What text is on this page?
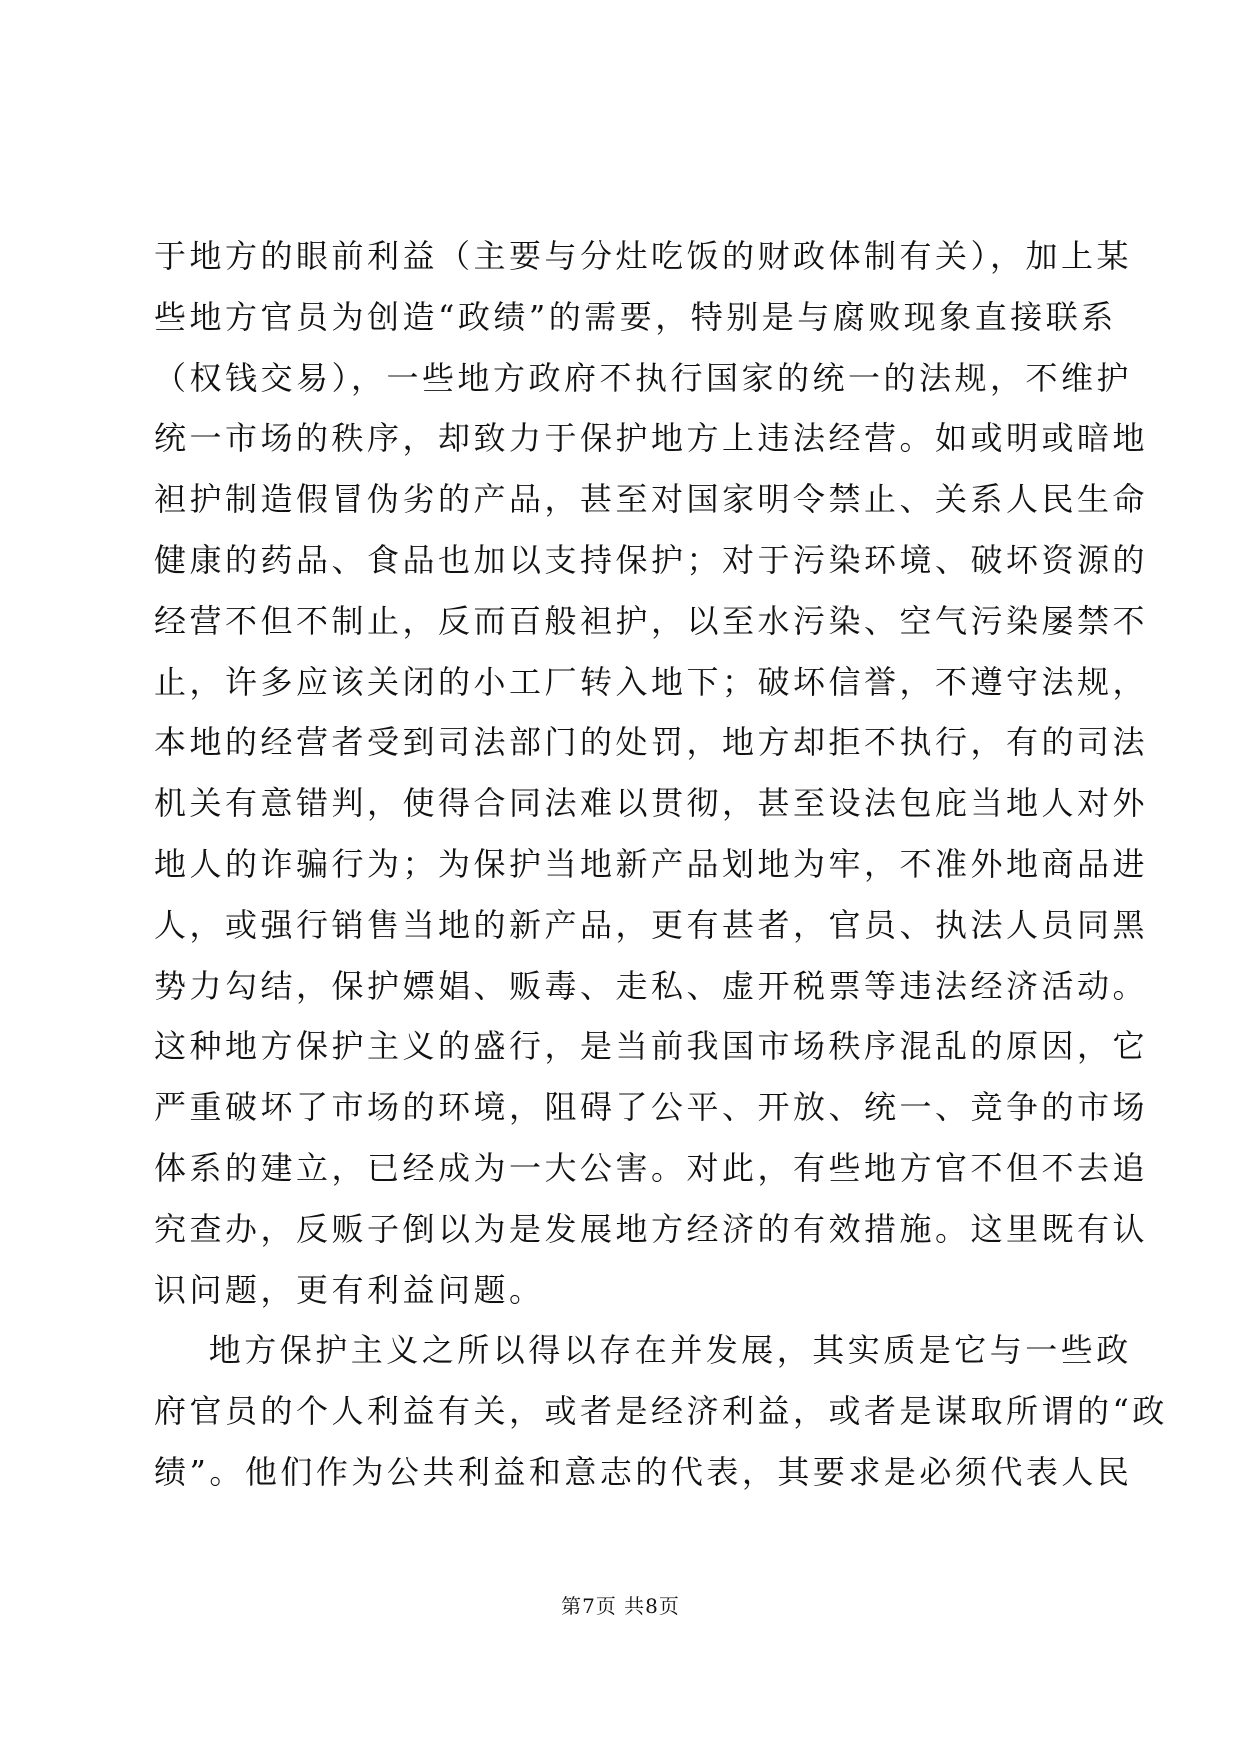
于地方的眼前利益（主要与分灶吃饭的财政体制有关），加上某
些地方官员为创造“政绩”的需要，特别是与腐败现象直接联系
（权钱交易），一些地方政府不执行国家的统一的法规，不维护
统一市场的秩序，却致力于保护地方上违法经营。如或明或暗地
袒护制造假冒伪劣的产品，甚至对国家明令禁止、关系人民生命
健康的药品、食品也加以支持保护；对于污染环境、破坏资源的
经营不但不制止，反而百般袒护，以至水污染、空气污染屡禁不
止，许多应该关闭的小工厂转入地下；破坏信誉，不遵守法规，
本地的经营者受到司法部门的处罚，地方却拒不执行，有的司法
机关有意错判，使得合同法难以贯彻，甚至设法包庇当地人对外
地人的诈骗行为；为保护当地新产品划地为牢，不准外地商品进
人，或强行销售当地的新产品，更有甚者，官员、执法人员同黑
势力勾结，保护嫖娼、贩毒、走私、虚开税票等违法经济活动。
这种地方保护主义的盛行，是当前我国市场秩序混乱的原因，它
严重破坏了市场的环境，阻碍了公平、开放、统一、竞争的市场
体系的建立，已经成为一大公害。对此，有些地方官不但不去追
究查办，反贩子倒以为是发展地方经济的有效措施。这里既有认
识问题，更有利益问题。
地方保护主义之所以得以存在并发展，其实质是它与一些政
府官员的个人利益有关，或者是经济利益，或者是谋取所谓的“政
绩”。他们作为公共利益和意志的代表，其要求是必须代表人民
第7页 共8页
